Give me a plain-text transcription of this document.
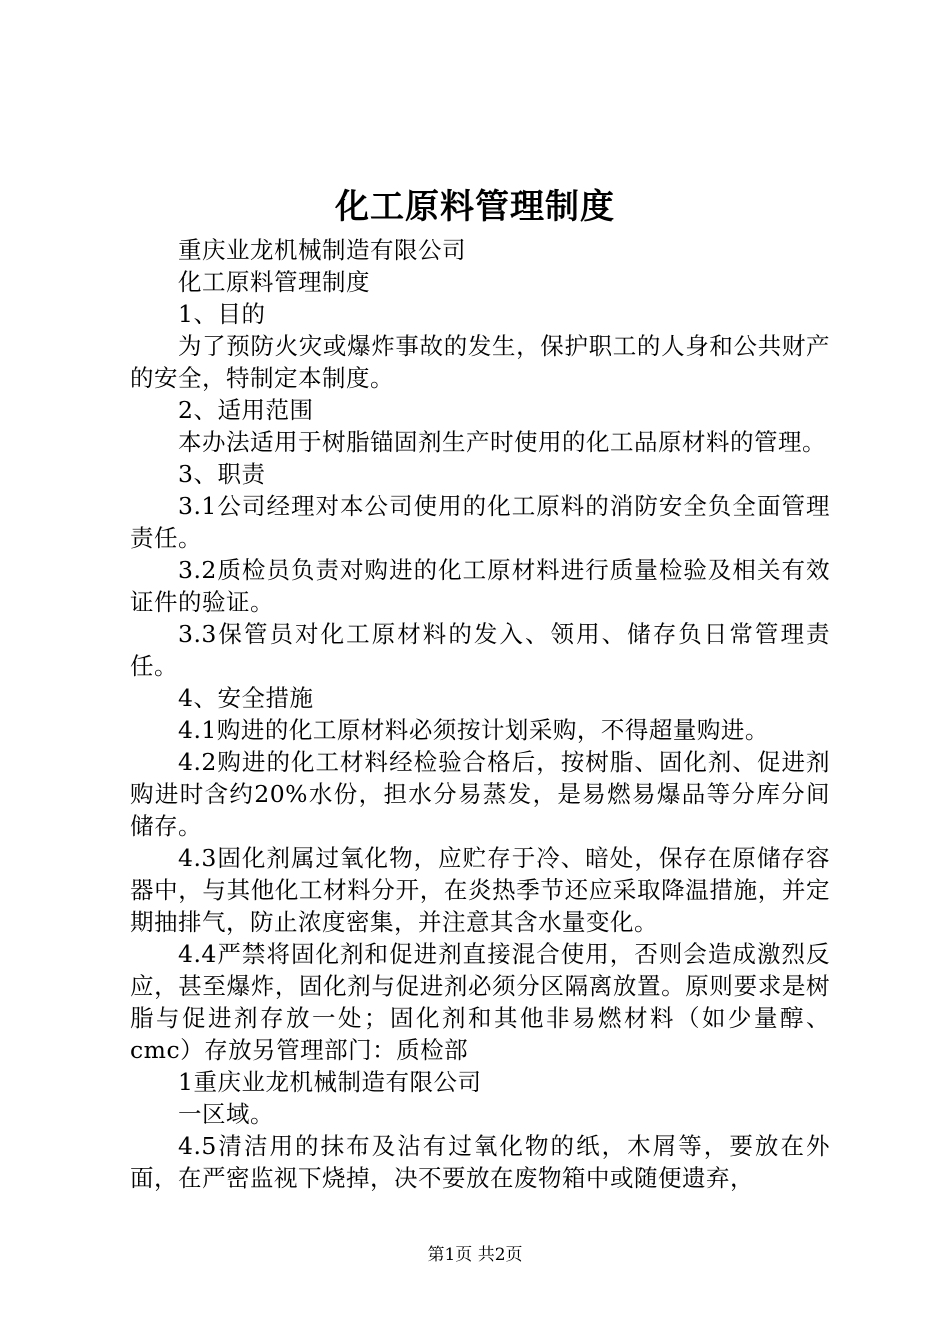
化工原料管理制度

重庆业龙机械制造有限公司

化工原料管理制度

1、目的

为了预防火灾或爆炸事故的发生，保护职工的人身和公共财产的安全，特制定本制度。

2、适用范围

本办法适用于树脂锚固剂生产时使用的化工品原材料的管理。

3、职责

3.1公司经理对本公司使用的化工原料的消防安全负全面管理责任。

3.2质检员负责对购进的化工原材料进行质量检验及相关有效证件的验证。

3.3保管员对化工原材料的发入、领用、储存负日常管理责任。

4、安全措施

4.1购进的化工原材料必须按计划采购，不得超量购进。

4.2购进的化工材料经检验合格后，按树脂、固化剂、促进剂购进时含约20%水份，担水分易蒸发，是易燃易爆品等分库分间储存。

4.3固化剂属过氧化物，应贮存于冷、暗处，保存在原储存容器中，与其他化工材料分开，在炎热季节还应采取降温措施，并定期抽排气，防止浓度密集，并注意其含水量变化。

4.4严禁将固化剂和促进剂直接混合使用，否则会造成激烈反应，甚至爆炸，固化剂与促进剂必须分区隔离放置。原则要求是树脂与促进剂存放一处；固化剂和其他非易燃材料（如少量醇、cmc）存放另管理部门：质检部

1重庆业龙机械制造有限公司

一区域。

4.5清洁用的抹布及沾有过氧化物的纸，木屑等，要放在外面，在严密监视下烧掉，决不要放在废物箱中或随便遗弃，

第1页 共2页
